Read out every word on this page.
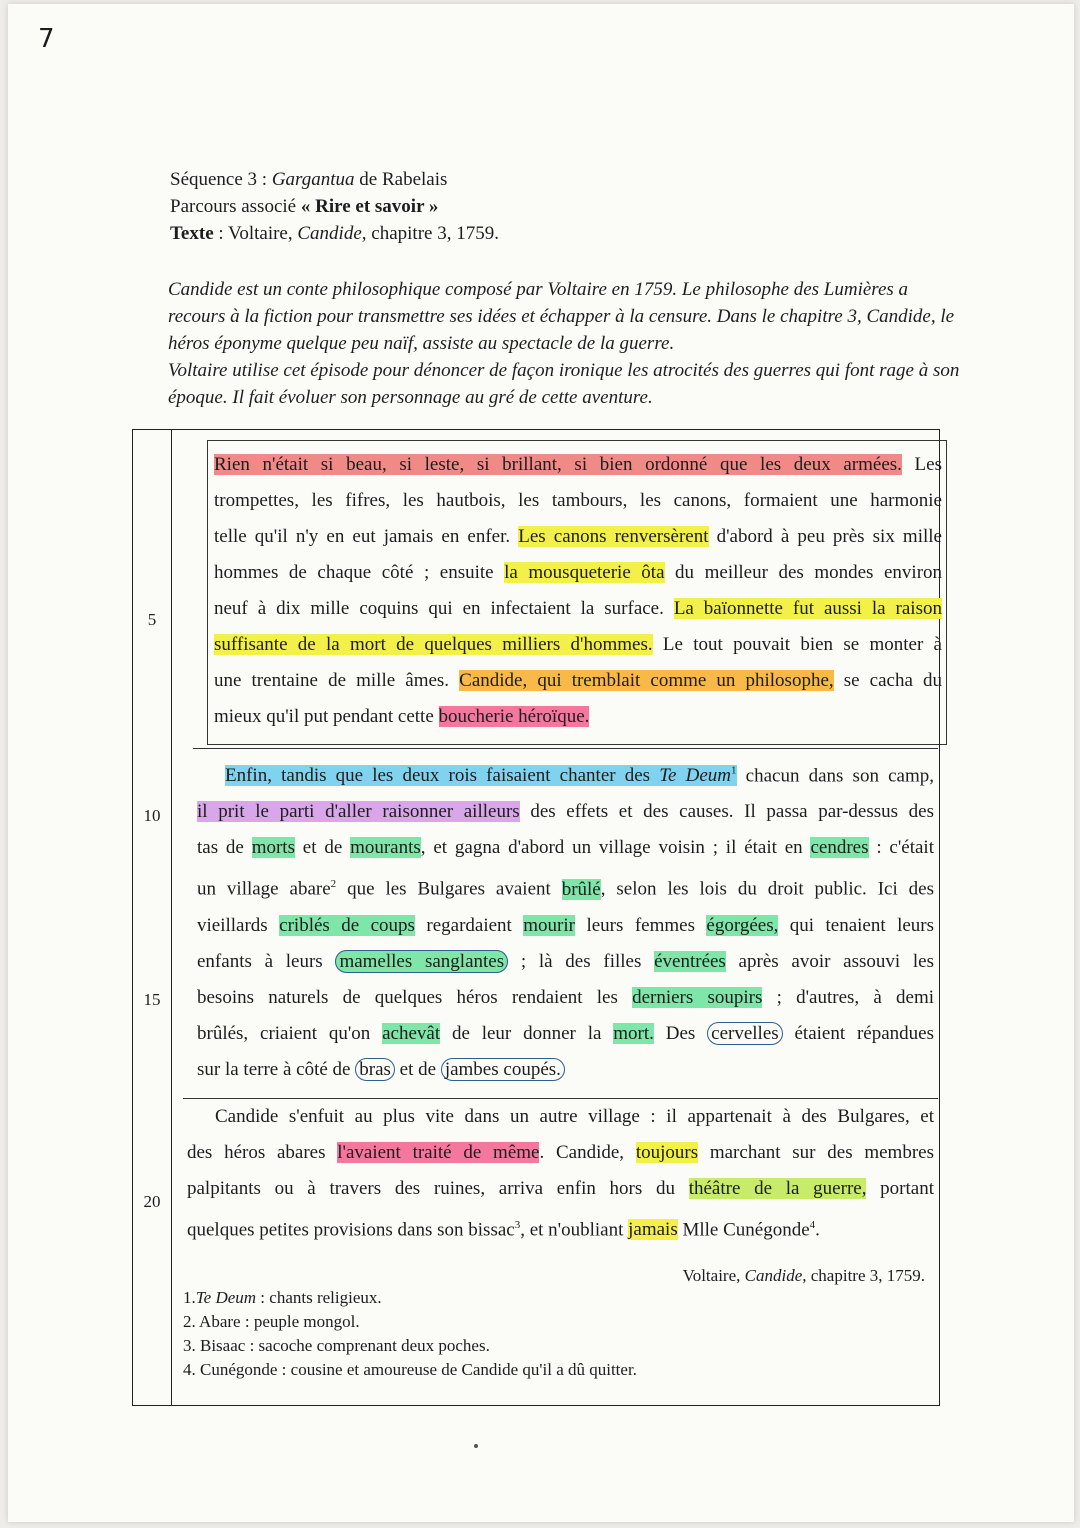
7
Séquence 3 : Gargantua de Rabelais
Parcours associé « Rire et savoir »
Texte : Voltaire, Candide, chapitre 3, 1759.

Candide est un conte philosophique composé par Voltaire en 1759. Le philosophe des Lumières a recours à la fiction pour transmettre ses idées et échapper à la censure. Dans le chapitre 3, Candide, le héros éponyme quelque peu naïf, assiste au spectacle de la guerre.

Voltaire utilise cet épisode pour dénoncer de façon ironique les atrocités des guerres qui font rage à son époque. Il fait évoluer son personnage au gré de cette aventure.

5
10
15
20
Rien n'était si beau, si leste, si brillant, si bien ordonné que les deux armées. Les
trompettes, les fifres, les hautbois, les tambours, les canons, formaient une harmonie
telle qu'il n'y en eut jamais en enfer. Les canons renversèrent d'abord à peu près six mille
hommes de chaque côté ; ensuite la mousqueterie ôta du meilleur des mondes environ
neuf à dix mille coquins qui en infectaient la surface. La baïonnette fut aussi la raison
suffisante de la mort de quelques milliers d'hommes. Le tout pouvait bien se monter à
une trentaine de mille âmes. Candide, qui tremblait comme un philosophe, se cacha du
mieux qu'il put pendant cette boucherie héroïque.
Enfin, tandis que les deux rois faisaient chanter des Te Deum$^1$ chacun dans son camp,
il prit le parti d'aller raisonner ailleurs des effets et des causes. Il passa par-dessus des
tas de morts et de mourants, et gagna d'abord un village voisin ; il était en cendres : c'était
un village abare$^2$ que les Bulgares avaient brûlé, selon les lois du droit public. Ici des
vieillards criblés de coups regardaient mourir leurs femmes égorgées, qui tenaient leurs
enfants à leurs mamelles sanglantes ; là des filles éventrées après avoir assouvi les
besoins naturels de quelques héros rendaient les derniers soupirs ; d'autres, à demi
brûlés, criaient qu'on achevât de leur donner la mort. Des cervelles étaient répandues
sur la terre à côté de bras et de jambes coupés.
Candide s'enfuit au plus vite dans un autre village : il appartenait à des Bulgares, et
des héros abares l'avaient traité de même. Candide, toujours marchant sur des membres
palpitants ou à travers des ruines, arriva enfin hors du théâtre de la guerre, portant
quelques petites provisions dans son bissac$^3$, et n'oubliant jamais Mlle Cunégonde$^4$.
Voltaire, Candide, chapitre 3, 1759.
1.Te Deum : chants religieux.
2. Abare : peuple mongol.
3. Bisaac : sacoche comprenant deux poches.
4. Cunégonde : cousine et amoureuse de Candide qu'il a dû quitter.
